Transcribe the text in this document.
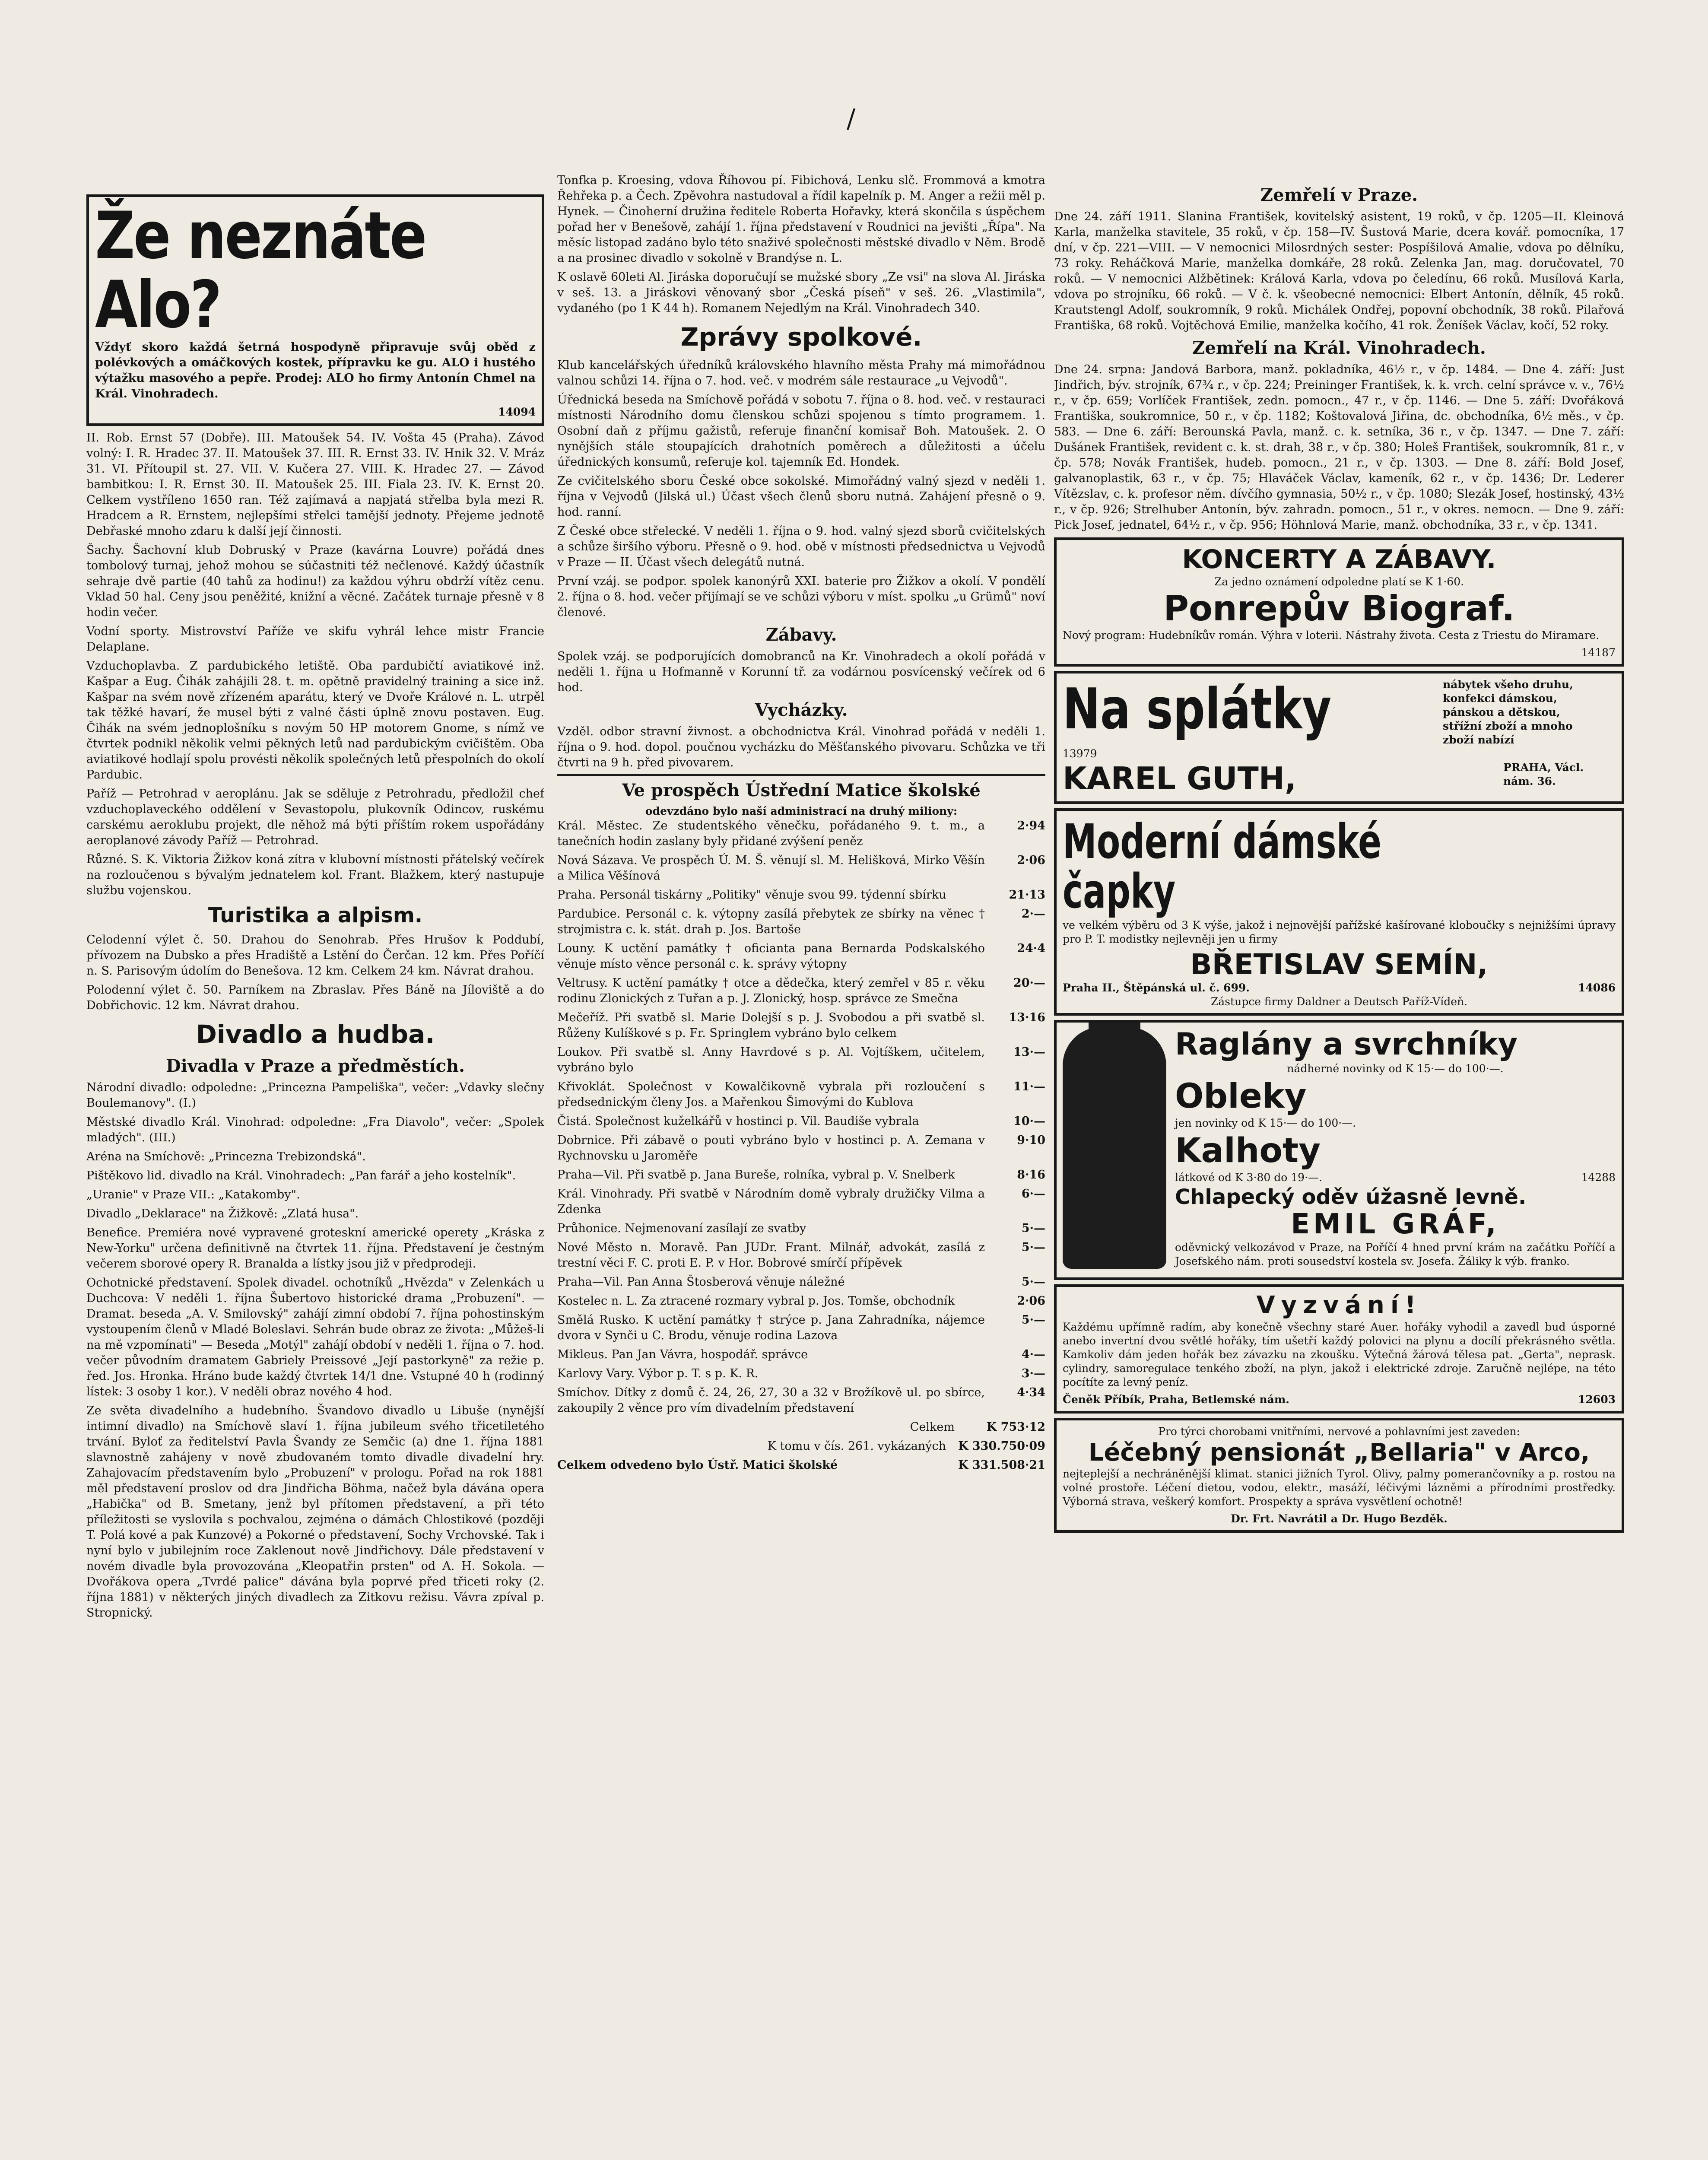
/
Že neznáte Alo?

Vždyť skoro každá šetrná hospodyně připravuje svůj oběd z polévkových a omáčkových kostek, přípravku ke gu. ALO i hustého výtažku masového a pepře. Prodej: ALO ho firmy Antonín Chmel na Král. Vinohradech.

14094

II. Rob. Ernst 57 (Dobře). III. Matoušek 54. IV. Vošta 45 (Praha). Závod volný: I. R. Hradec 37. II. Matoušek 37. III. R. Ernst 33. IV. Hnik 32. V. Mráz 31. VI. Přítoupil st. 27. VII. V. Kučera 27. VIII. K. Hradec 27. — Závod bambitkou: I. R. Ernst 30. II. Matoušek 25. III. Fiala 23. IV. K. Ernst 20. Celkem vystříleno 1650 ran. Též zajímavá a napjatá střelba byla mezi R. Hradcem a R. Ernstem, nejlepšími střelci tamější jednoty. Přejeme jednotě Debřaské mnoho zdaru k další její činnosti.

Šachy. Šachovní klub Dobruský v Praze (kavárna Louvre) pořádá dnes tombolový turnaj, jehož mohou se súčastniti též nečlenové. Každý účastník sehraje dvě partie (40 tahů za hodinu!) za každou výhru obdrží vítěz cenu. Vklad 50 hal. Ceny jsou peněžité, knižní a věcné. Začátek turnaje přesně v 8 hodin večer.

Vodní sporty. Mistrovství Paříže ve skifu vyhrál lehce mistr Francie Delaplane.

Vzduchoplavba. Z pardubického letiště. Oba pardubičtí aviatikové inž. Kašpar a Eug. Čihák zahájili 28. t. m. opětně pravidelný training a sice inž. Kašpar na svém nově zřízeném aparátu, který ve Dvoře Králové n. L. utrpěl tak těžké havarí, že musel býti z valné části úplně znovu postaven. Eug. Čihák na svém jednoplošníku s novým 50 HP motorem Gnome, s nímž ve čtvrtek podnikl několik velmi pěkných letů nad pardubickým cvičištěm. Oba aviatikové hodlají spolu provésti několik společných letů přespolních do okolí Pardubic.

Paříž — Petrohrad v aeroplánu. Jak se sděluje z Petrohradu, předložil chef vzduchoplaveckého oddělení v Sevastopolu, plukovník Odincov, ruskému carskému aeroklubu projekt, dle něhož má býti příštím rokem uspořádány aeroplanové závody Paříž — Petrohrad.

Různé. S. K. Viktoria Žižkov koná zítra v klubovní místnosti přátelský večírek na rozloučenou s bývalým jednatelem kol. Frant. Blažkem, který nastupuje službu vojenskou.

Turistika a alpism.

Celodenní výlet č. 50. Drahou do Senohrab. Přes Hrušov k Poddubí, přívozem na Dubsko a přes Hradiště a Lstění do Čerčan. 12 km. Přes Poříčí n. S. Parisovým údolím do Benešova. 12 km. Celkem 24 km. Návrat drahou.

Polodenní výlet č. 50. Parníkem na Zbraslav. Přes Báně na Jíloviště a do Dobřichovic. 12 km. Návrat drahou.

Divadlo a hudba.
Divadla v Praze a předměstích.

Národní divadlo: odpoledne: „Princezna Pampeliška", večer: „Vdavky slečny Boulemanovy". (I.)

Městské divadlo Král. Vinohrad: odpoledne: „Fra Diavolo", večer: „Spolek mladých". (III.)

Aréna na Smíchově: „Princezna Trebizondská".

Pištěkovo lid. divadlo na Král. Vinohradech: „Pan farář a jeho kostelník".

„Uranie" v Praze VII.: „Katakomby".

Divadlo „Deklarace" na Žižkově: „Zlatá husa".

Benefice. Premiéra nové vypravené groteskní americké operety „Kráska z New-Yorku" určena definitivně na čtvrtek 11. října. Představení je čestným večerem sborové opery R. Branalda a lístky jsou již v předprodeji.

Ochotnické představení. Spolek divadel. ochotníků „Hvězda" v Zelenkách u Duchcova: V neděli 1. října Šubertovo historické drama „Probuzení". — Dramat. beseda „A. V. Smilovský" zahájí zimní období 7. října pohostinským vystoupením členů v Mladé Boleslavi. Sehrán bude obraz ze života: „Můžeš-li na mě vzpomínati" — Beseda „Motýl" zahájí období v neděli 1. října o 7. hod. večer původním dramatem Gabriely Preissové „Její pastorkyně" za režie p. řed. Jos. Hronka. Hráno bude každý čtvrtek 14/1 dne. Vstupné 40 h (rodinný lístek: 3 osoby 1 kor.). V neděli obraz nového 4 hod.

Ze světa divadelního a hudebního. Švandovo divadlo u Libuše (nynější intimní divadlo) na Smíchově slaví 1. října jubileum svého třicetiletého trvání. Byloť za ředitelství Pavla Švandy ze Semčic (a) dne 1. října 1881 slavnostně zahájeny v nově zbudovaném tomto divadle divadelní hry. Zahajovacím představením bylo „Probuzení" v prologu. Pořad na rok 1881 měl představení proslov od dra Jindřicha Böhma, načež byla dávána opera „Habička" od B. Smetany, jenž byl přítomen představení, a při této příležitosti se vyslovila s pochvalou, zejména o dámách Chlostikové (později T. Polá kové a pak Kunzové) a Pokorné o představení, Sochy Vrchovské. Tak i nyní bylo v jubilejním roce Zaklenout nově Jindřichovy. Dále představení v novém divadle byla provozována „Kleopatřin prsten" od A. H. Sokola. — Dvořákova opera „Tvrdé palice" dávána byla poprvé před třiceti roky (2. října 1881) v některých jiných divadlech za Zitkovu režisu. Vávra zpíval p. Stropnický.

Tonfka p. Kroesing, vdova Říhovou pí. Fibichová, Lenku slč. Frommová a kmotra Řehřeka p. a Čech. Zpěvohra nastudoval a řídil kapelník p. M. Anger a režii měl p. Hynek. — Činoherní družina ředitele Roberta Hořavky, která skončila s úspěchem pořad her v Benešově, zahájí 1. října představení v Roudnici na jevišti „Řípa". Na měsíc listopad zadáno bylo této snaživé společnosti městské divadlo v Něm. Brodě a na prosinec divadlo v sokolně v Brandýse n. L.

K oslavě 60leti Al. Jiráska doporučují se mužské sbory „Ze vsi" na slova Al. Jiráska v seš. 13. a Jiráskovi věnovaný sbor „Česká píseň" v seš. 26. „Vlastimila", vydaného (po 1 K 44 h). Romanem Nejedlým na Král. Vinohradech 340.

Zprávy spolkové.

Klub kancelářských úředníků královského hlavního města Prahy má mimořádnou valnou schůzi 14. října o 7. hod. več. v modrém sále restaurace „u Vejvodů".

Úřednická beseda na Smíchově pořádá v sobotu 7. října o 8. hod. več. v restauraci místnosti Národního domu členskou schůzi spojenou s tímto programem. 1. Osobní daň z příjmu gažistů, referuje finanční komisař Boh. Matoušek. 2. O nynějších stále stoupajících drahotních poměrech a důležitosti a účelu úřednických konsumů, referuje kol. tajemník Ed. Hondek.

Ze cvičitelského sboru České obce sokolské. Mimořádný valný sjezd v neděli 1. října v Vejvodů (Jilská ul.) Účast všech členů sboru nutná. Zahájení přesně o 9. hod. ranní.

Z České obce střelecké. V neděli 1. října o 9. hod. valný sjezd sborů cvičitelských a schůze širšího výboru. Přesně o 9. hod. obě v místnosti předsednictva u Vejvodů v Praze — II. Účast všech delegátů nutná.

První vzáj. se podpor. spolek kanonýrů XXI. baterie pro Žižkov a okolí. V pondělí 2. října o 8. hod. večer přijímají se ve schůzi výboru v míst. spolku „u Grümů" noví členové.

Zábavy.

Spolek vzáj. se podporujících domobranců na Kr. Vinohradech a okolí pořádá v neděli 1. října u Hofmanně v Korunní tř. za vodárnou posvícenský večírek od 6 hod.

Vycházky.

Vzděl. odbor stravní živnost. a obchodnictva Král. Vinohrad pořádá v neděli 1. října o 9. hod. dopol. poučnou vycházku do Měšťanského pivovaru. Schůzka ve tři čtvrti na 9 h. před pivovarem.

Ve prospěch Ústřední Matice školské
odevzdáno bylo naší administrací na druhý miliony:
Král. Městec. Ze studentského věnečku, pořádaného 9. t. m., a tanečních hodin zaslany byly přidané zvýšení peněz
2·94
Nová Sázava. Ve prospěch Ú. M. Š. věnují sl. M. Helišková, Mirko Věšín a Milica Věšínová
2·06
Praha. Personál tiskárny „Politiky" věnuje svou 99. týdenní sbírku	21·13
Pardubice. Personál c. k. výtopny zasílá přebytek ze sbírky na věnec † strojmistra c. k. stát. drah p. Jos. Bartoše
2·—
Louny. K uctění památky † oficianta pana Bernarda Podskalského věnuje místo věnce personál c. k. správy výtopny
24·4
Veltrusy. K uctění památky † otce a dědečka, který zemřel v 85 r. věku rodinu Zlonických z Tuřan a p. J. Zlonický, hosp. správce ze Smečna
20·—
Mečeříž. Při svatbě sl. Marie Dolejší s p. J. Svobodou a při svatbě sl. Růženy Kulíškové s p. Fr. Springlem vybráno bylo celkem
13·16
Loukov. Při svatbě sl. Anny Havrdové s p. Al. Vojtíškem, učitelem, vybráno bylo
13·—
Křivoklát. Společnost v Kowalčikovně vybrala při rozloučení s předsednickým členy Jos. a Mařenkou Šimovými do Kublova
11·—
Čistá. Společnost kuželkářů v hostinci p. Vil. Baudiše vybrala	10·—
Dobrnice. Při zábavě o pouti vybráno bylo v hostinci p. A. Zemana v Rychnovsku u Jaroměře
9·10
Praha—Vil. Při svatbě p. Jana Bureše, rolníka, vybral p. V. Snelberk	8·16
Král. Vinohrady. Při svatbě v Národním domě vybraly družičky Vilma a Zdenka
6·—
Průhonice. Nejmenovaní zasílají ze svatby	5·—
Nové Město n. Moravě. Pan JUDr. Frant. Milnář, advokát, zasílá z trestní věci F. C. proti E. P. v Hor. Bobrové smírčí přípěvek
5·—
Praha—Vil. Pan Anna Štosberová věnuje náležné	5·—
Kostelec n. L. Za ztracené rozmary vybral p. Jos. Tomše, obchodník	2·06
Smělá Rusko. K uctění památky † strýce p. Jana Zahradníka, nájemce dvora v Synči u C. Brodu, věnuje rodina Lazova
5·—
Mikleus. Pan Jan Vávra, hospodář. správce	4·—
Karlovy Vary. Výbor p. T. s p. K. R.	3·—
Smíchov. Dítky z domů č. 24, 26, 27, 30 a 32 v Brožíkově ul. po sbírce, zakoupily 2 věnce pro vím divadelním představení
4·34
Celkem	K 753·12
K tomu v čís. 261. vykázaných	K 330.750·09
Celkem odvedeno bylo Ústř. Matici školské	K 331.508·21
Zemřelí v Praze.

Dne 24. září 1911. Slanina František, kovitelský asistent, 19 roků, v čp. 1205—II. Kleinová Karla, manželka stavitele, 35 roků, v čp. 158—IV. Šustová Marie, dcera kovář. pomocníka, 17 dní, v čp. 221—VIII. — V nemocnici Milosrdných sester: Pospíšilová Amalie, vdova po dělníku, 73 roky. Reháčková Marie, manželka domkáře, 28 roků. Zelenka Jan, mag. doručovatel, 70 roků. — V nemocnici Alžbětinek: Králová Karla, vdova po čeledínu, 66 roků. Musílová Karla, vdova po strojníku, 66 roků. — V č. k. všeobecné nemocnici: Elbert Antonín, dělník, 45 roků. Krautstengl Adolf, soukromník, 9 roků. Michálek Ondřej, popovní obchodník, 38 roků. Pilařová Františka, 68 roků. Vojtěchová Emilie, manželka kočího, 41 rok. Ženíšek Václav, kočí, 52 roky.

Zemřelí na Král. Vinohradech.

Dne 24. srpna: Jandová Barbora, manž. pokladníka, 46½ r., v čp. 1484. — Dne 4. září: Just Jindřich, býv. strojník, 67¾ r., v čp. 224; Preininger František, k. k. vrch. celní správce v. v., 76½ r., v čp. 659; Vorlíček František, zedn. pomocn., 47 r., v čp. 1146. — Dne 5. září: Dvořáková Františka, soukromnice, 50 r., v čp. 1182; Koštovalová Jiřina, dc. obchodníka, 6½ měs., v čp. 583. — Dne 6. září: Berounská Pavla, manž. c. k. setníka, 36 r., v čp. 1347. — Dne 7. září: Dušánek František, revident c. k. st. drah, 38 r., v čp. 380; Holeš František, soukromník, 81 r., v čp. 578; Novák František, hudeb. pomocn., 21 r., v čp. 1303. — Dne 8. září: Bold Josef, galvanoplastik, 63 r., v čp. 75; Hlaváček Václav, kameník, 62 r., v čp. 1436; Dr. Lederer Vítězslav, c. k. profesor něm. dívčího gymnasia, 50½ r., v čp. 1080; Slezák Josef, hostinský, 43½ r., v čp. 926; Strelhuber Antonín, býv. zahradn. pomocn., 51 r., v okres. nemocn. — Dne 9. září: Pick Josef, jednatel, 64½ r., v čp. 956; Höhnlová Marie, manž. obchodníka, 33 r., v čp. 1341.

KONCERTY A ZÁBAVY.
Za jedno oznámení odpoledne platí se K 1·60.
Ponrepův Biograf.

Nový program: Hudebníkův román. Výhra v loterii. Nástrahy života. Cesta z Triestu do Miramare.

14187
Na splátky	nábytek všeho druhu, konfekci dámskou, pánskou a dětskou, střížní zboží a mnoho zboží nabízí
13979
KAREL GUTH,	PRAHA, Václ. nám. 36.
Moderní dámské čapky

ve velkém výběru od 3 K výše, jakož i nejnovější pařížské kašírované kloboučky s nejnižšími úpravy pro P. T. modistky nejlevněji jen u firmy

BŘETISLAV SEMÍN,
Praha II., Štěpánská ul. č. 699.	14086
Zástupce firmy Daldner a Deutsch Paříž-Vídeň.
Raglány a svrchníky
nádherné novinky od K 15·— do 100·—.
Obleky
jen novinky od K 15·— do 100·—.
Kalhoty
látkové od K 3·80 do 19·—.	14288
Chlapecký oděv úžasně levně.
EMIL GRÁF,

oděvnický velkozávod v Praze, na Poříčí 4 hned první krám na začátku Poříčí a Josefského nám. proti sousedství kostela sv. Josefa. Žáliky k výb. franko.

Vyzvání!

Každému upřímně radím, aby konečně všechny staré Auer. hořáky vyhodil a zavedl bud úsporné anebo invertní dvou světlé hořáky, tím ušetří každý polovici na plynu a docílí překrásného světla. Kamkoliv dám jeden hořák bez závazku na zkoušku. Výtečná žárová tělesa pat. „Gerta", neprask. cylindry, samoregulace tenkého zboží, na plyn, jakož i elektrické zdroje. Zaručně nejlépe, na této pocítíte za levný peníz.

Čeněk Příbík, Praha, Betlemské nám.	12603
Pro týrci chorobami vnitřními, nervové a pohlavními jest zaveden:
Léčebný pensionát „Bellaria" v Arco,

nejteplejší a nechráněnější klimat. stanici jižních Tyrol. Olivy, palmy pomerančovníky a p. rostou na volné prostoře. Léčení dietou, vodou, elektr., masáží, léčivými lázněmi a přírodními prostředky. Výborná strava, veškerý komfort. Prospekty a správa vysvětlení ochotně!

Dr. Frt. Navrátil a Dr. Hugo Bezděk.
